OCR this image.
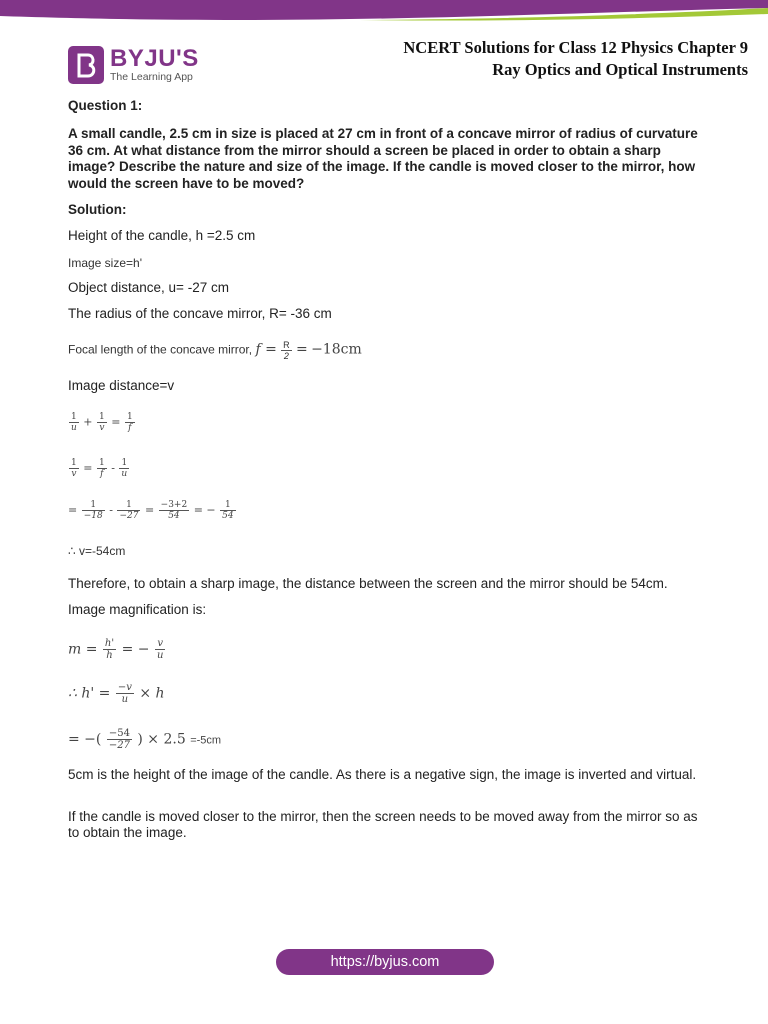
BYJU'S
The Learning App
NCERT Solutions for Class 12 Physics Chapter 9
Ray Optics and Optical Instruments
Question 1:
A small candle, 2.5 cm in size is placed at 27 cm in front of a concave mirror of radius of curvature 36 cm. At what distance from the mirror should a screen be placed in order to obtain a sharp image? Describe the nature and size of the image. If the candle is moved closer to the mirror, how would the screen have to be moved?
Solution:
Height of the candle, h =2.5 cm
Image size=h'
Object distance, u= -27 cm
The radius of the concave mirror, R= -36 cm
Focal length of the concave mirror, $f = \frac{R}{2} = -18cm$
Image distance=v
$\frac{1}{u} + \frac{1}{v} = \frac{1}{f}$
$\frac{1}{v} = \frac{1}{f} - \frac{1}{u}$
= $\frac{1}{-18} - \frac{1}{-27} = \frac{-3+2}{54}$ = − $\frac{1}{54}$
∴ v=-54cm
Therefore, to obtain a sharp image, the distance between the screen and the mirror should be 54cm.
Image magnification is:
$m = \frac{h'}{h}$ = − $\frac{v}{u}$
∴ $h' = \frac{-v}{u} \times h$
= −( $\frac{-54}{-27}$ ) × 2.5 =-5cm
5cm is the height of the image of the candle. As there is a negative sign, the image is inverted and virtual.
If the candle is moved closer to the mirror, then the screen needs to be moved away from the mirror so as to obtain the image.
https://byjus.com
